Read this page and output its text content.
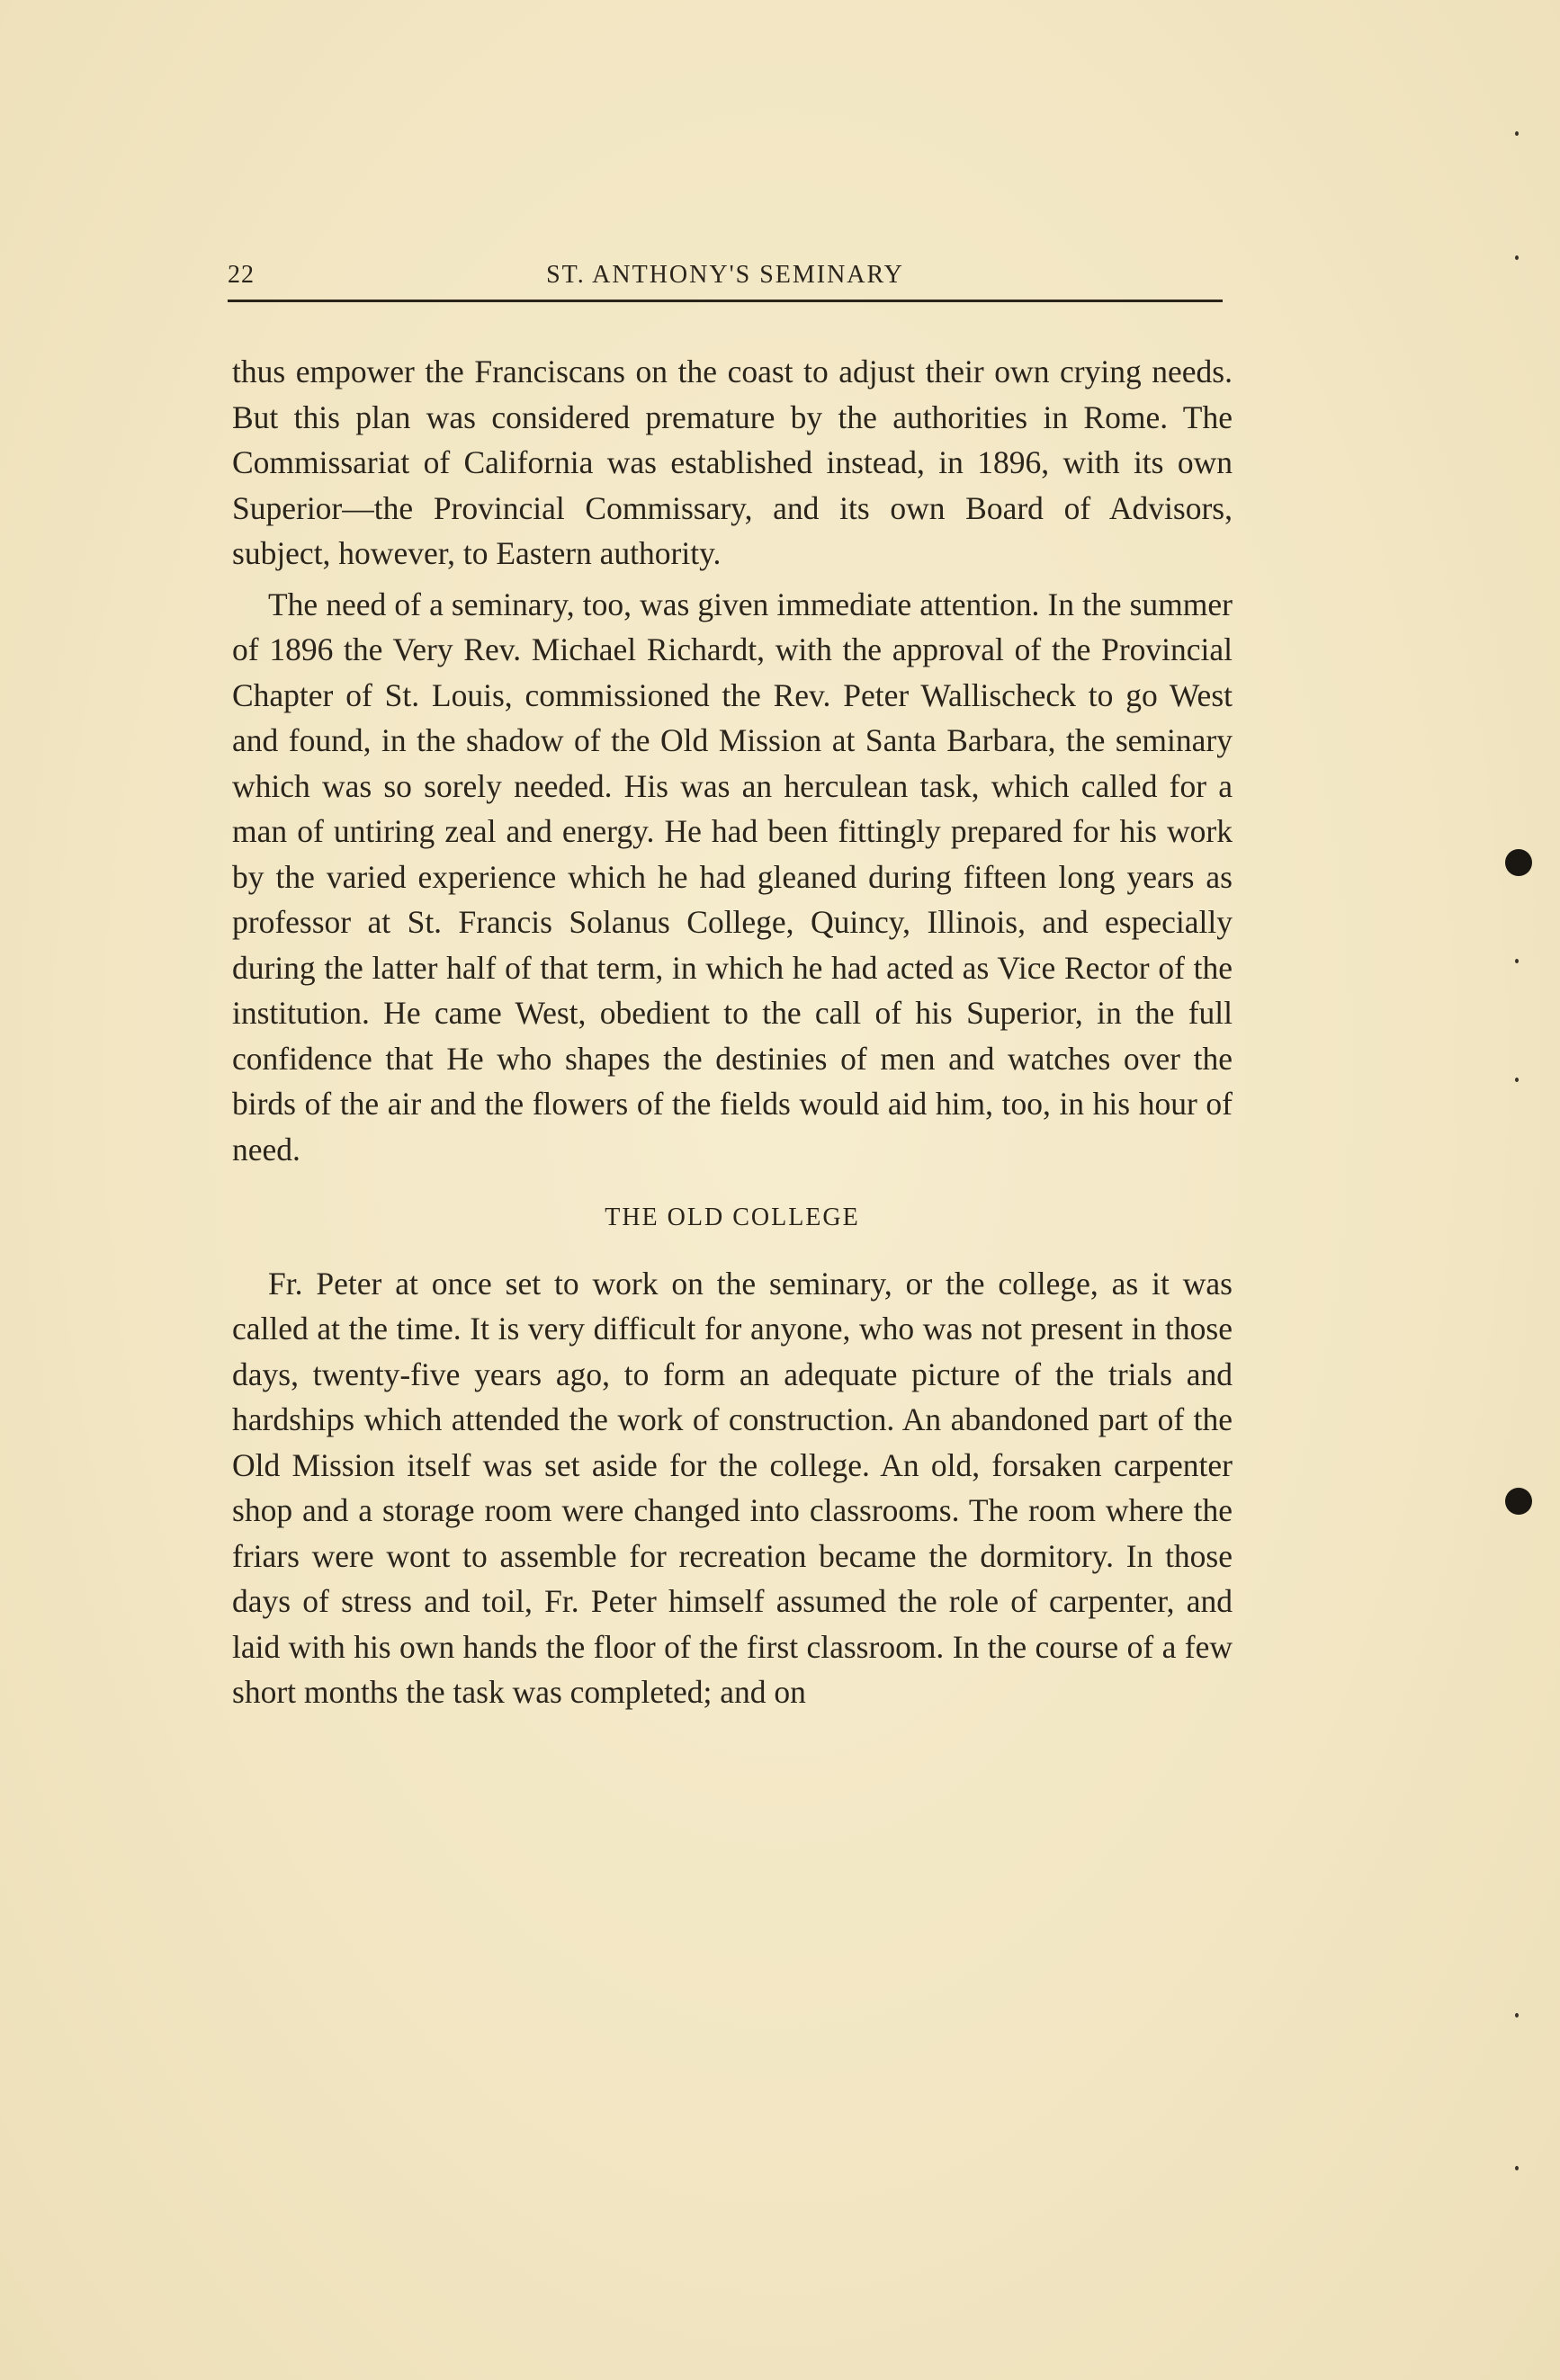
22	ST. ANTHONY'S SEMINARY

thus empower the Franciscans on the coast to adjust their own crying needs. But this plan was considered premature by the authorities in Rome. The Commissariat of California was established instead, in 1896, with its own Superior—the Provincial Commissary, and its own Board of Advisors, subject, however, to Eastern authority.

The need of a seminary, too, was given immediate attention. In the summer of 1896 the Very Rev. Michael Richardt, with the approval of the Provincial Chapter of St. Louis, commissioned the Rev. Peter Wallischeck to go West and found, in the shadow of the Old Mission at Santa Barbara, the seminary which was so sorely needed. His was an herculean task, which called for a man of untiring zeal and energy. He had been fittingly prepared for his work by the varied experience which he had gleaned during fifteen long years as professor at St. Francis Solanus College, Quincy, Illinois, and especially during the latter half of that term, in which he had acted as Vice Rector of the institution. He came West, obedient to the call of his Superior, in the full confidence that He who shapes the destinies of men and watches over the birds of the air and the flowers of the fields would aid him, too, in his hour of need.

THE OLD COLLEGE

Fr. Peter at once set to work on the seminary, or the college, as it was called at the time. It is very difficult for anyone, who was not present in those days, twenty-five years ago, to form an adequate picture of the trials and hardships which attended the work of construction. An abandoned part of the Old Mission itself was set aside for the college. An old, forsaken carpenter shop and a storage room were changed into classrooms. The room where the friars were wont to assemble for recreation became the dormitory. In those days of stress and toil, Fr. Peter himself assumed the role of carpenter, and laid with his own hands the floor of the first classroom. In the course of a few short months the task was completed; and on
